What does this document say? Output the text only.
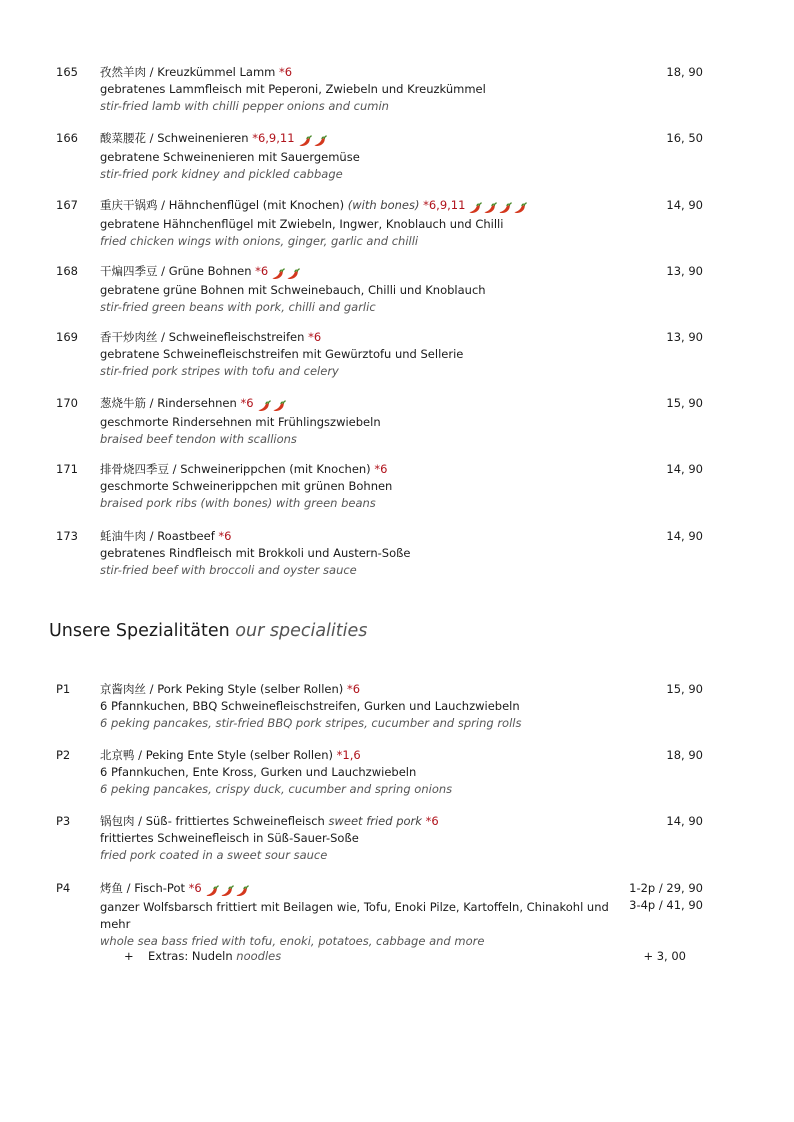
165 孜然羊肉 / Kreuzkümmel Lamm *6
gebratenes Lammfleisch mit Peperoni, Zwiebeln und Kreuzkümmel
stir-fried lamb with chilli pepper onions and cumin
18, 90
166 酸菜腰花 / Schweinenieren *6,9,11
gebratene Schweinenieren mit Sauergemüse
stir-fried pork kidney and pickled cabbage
16, 50
167 重庆干锅鸡 / Hähnchenflügel (mit Knochen) (with bones) *6,9,11
gebratene Hähnchenflügel mit Zwiebeln, Ingwer, Knoblauch und Chilli
fried chicken wings with onions, ginger, garlic and chilli
14, 90
168 干煸四季豆 / Grüne Bohnen *6
gebratene grüne Bohnen mit Schweinebauch, Chilli und Knoblauch
stir-fried green beans with pork, chilli and garlic
13, 90
169 香干炒肉丝 / Schweinefleischstreifen *6
gebratene Schweinefleischstreifen mit Gewürztofu und Sellerie
stir-fried pork stripes with tofu and celery
13, 90
170 葱烧牛筋 / Rindersehnen *6
geschmorte Rindersehnen mit Frühlingszwiebeln
braised beef tendon with scallions
15, 90
171 排骨烧四季豆 / Schweinerippchen (mit Knochen) *6
geschmorte Schweinerippchen mit grünen Bohnen
braised pork ribs (with bones) with green beans
14, 90
173 蚝油牛肉 / Roastbeef *6
gebratenes Rindfleisch mit Brokkoli und Austern-Soße
stir-fried beef with broccoli and oyster sauce
14, 90
Unsere Spezialitäten our specialities
P1	京酱肉丝 / Pork Peking Style (selber Rollen) *6
6 Pfannkuchen, BBQ Schweinefleischstreifen, Gurken und Lauchzwiebeln
6 peking pancakes, stir-fried BBQ pork stripes, cucumber and spring rolls
15, 90
P2	北京鸭 / Peking Ente Style (selber Rollen) *1,6
6 Pfannkuchen, Ente Kross, Gurken und Lauchzwiebeln
6 peking pancakes, crispy duck, cucumber and spring onions
18, 90
P3	锅包肉 / Süß- frittiertes Schweinefleisch sweet fried pork *6
frittiertes Schweinefleisch in Süß-Sauer-Soße
fried pork coated in a sweet sour sauce
14, 90
P4	烤鱼 / Fisch-Pot *6
ganzer Wolfsbarsch frittiert mit Beilagen wie, Tofu, Enoki Pilze, Kartoffeln, Chinakohl und mehr
whole sea bass fried with tofu, enoki, potatoes, cabbage and more
1-2p / 29, 90
3-4p / 41, 90
+ Extras: Nudeln noodles	+ 3, 00
